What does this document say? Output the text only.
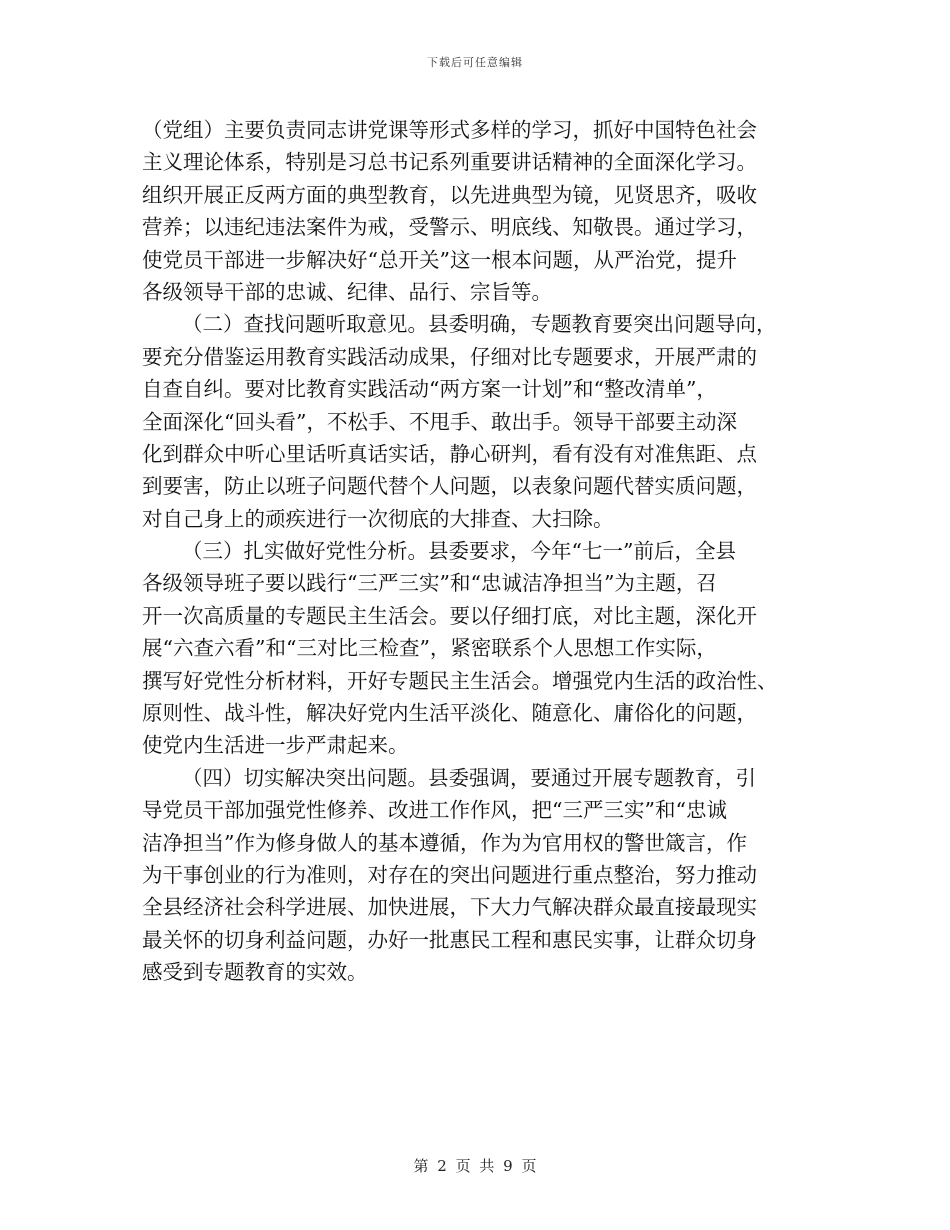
下载后可任意编辑
（党组）主要负责同志讲党课等形式多样的学习，抓好中国特色社会
主义理论体系，特别是习总书记系列重要讲话精神的全面深化学习。
组织开展正反两方面的典型教育，以先进典型为镜，见贤思齐，吸收
营养；以违纪违法案件为戒，受警示、明底线、知敬畏。通过学习，
使党员干部进一步解决好“总开关”这一根本问题，从严治党，提升
各级领导干部的忠诚、纪律、品行、宗旨等。
（二）查找问题听取意见。县委明确，专题教育要突出问题导向，
要充分借鉴运用教育实践活动成果，仔细对比专题要求，开展严肃的
自查自纠。要对比教育实践活动“两方案一计划”和“整改清单”，
全面深化“回头看”，不松手、不甩手、敢出手。领导干部要主动深
化到群众中听心里话听真话实话，静心研判，看有没有对准焦距、点
到要害，防止以班子问题代替个人问题，以表象问题代替实质问题，
对自己身上的顽疾进行一次彻底的大排查、大扫除。
（三）扎实做好党性分析。县委要求，今年“七一”前后，全县
各级领导班子要以践行“三严三实”和“忠诚洁净担当”为主题，召
开一次高质量的专题民主生活会。要以仔细打底，对比主题，深化开
展“六查六看”和“三对比三检查”，紧密联系个人思想工作实际，
撰写好党性分析材料，开好专题民主生活会。增强党内生活的政治性、
原则性、战斗性，解决好党内生活平淡化、随意化、庸俗化的问题，
使党内生活进一步严肃起来。
（四）切实解决突出问题。县委强调，要通过开展专题教育，引
导党员干部加强党性修养、改进工作作风，把“三严三实”和“忠诚
洁净担当”作为修身做人的基本遵循，作为为官用权的警世箴言，作
为干事创业的行为准则，对存在的突出问题进行重点整治，努力推动
全县经济社会科学进展、加快进展，下大力气解决群众最直接最现实
最关怀的切身利益问题，办好一批惠民工程和惠民实事，让群众切身
感受到专题教育的实效。
第 2 页 共 9 页
